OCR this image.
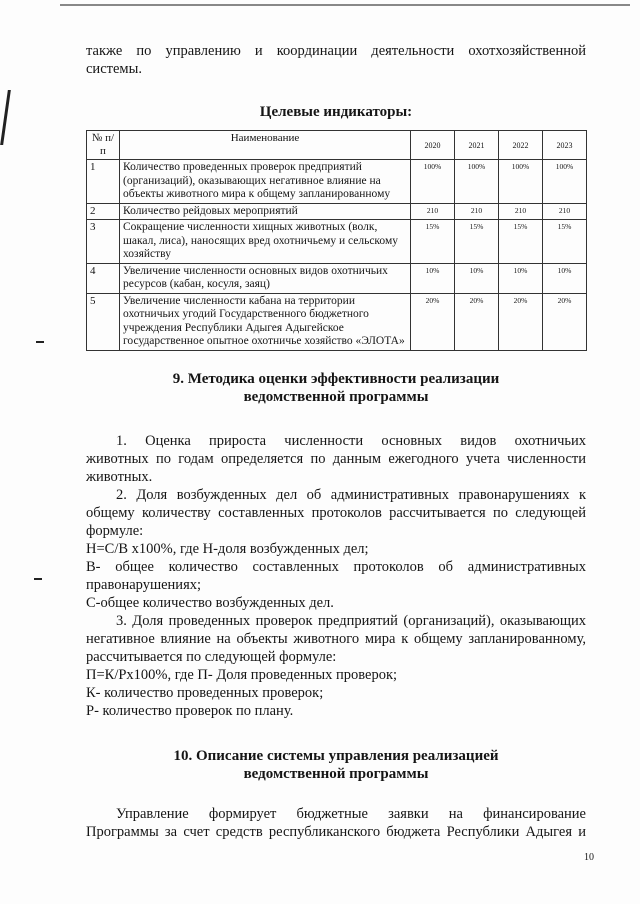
также по управлению и координации деятельности охотхозяйственной

системы.

Целевые индикаторы:
№ п/п	Наименование	2020	2021	2022	2023
1	Количество проведенных проверок предприятий (организаций), оказывающих негативное влияние на объекты животного мира к общему запланированному	100%	100%	100%	100%
2	Количество рейдовых мероприятий	210	210	210	210
3	Сокращение численности хищных животных (волк, шакал, лиса), наносящих вред охотничьему и сельскому хозяйству	15%	15%	15%	15%
4	Увеличение численности основных видов охотничьих ресурсов (кабан, косуля, заяц)	10%	10%	10%	10%
5	Увеличение численности кабана на территории охотничьих угодий Государственного бюджетного учреждения Республики Адыгея Адыгейское государственное опытное охотничье хозяйство «ЭЛОТА»	20%	20%	20%	20%
9. Методика оценки эффективности реализации
ведомственной программы

1. Оценка прироста численности основных видов охотничьих

животных по годам определяется по данным ежегодного учета численности животных.

2. Доля возбужденных дел об административных правонарушениях к общему количеству составленных протоколов рассчитывается по следующей формуле:

Н=С/В х100%, где Н-доля возбужденных дел;

В- общее количество составленных протоколов об административных правонарушениях;

С-общее количество возбужденных дел.

3. Доля проведенных проверок предприятий (организаций), оказывающих негативное влияние на объекты животного мира к общему запланированному, рассчитывается по следующей формуле:

П=К/Рх100%, где П- Доля проведенных проверок;

К- количество проведенных проверок;

Р- количество проверок по плану.

10. Описание системы управления реализацией
ведомственной программы

Управление формирует бюджетные заявки на финансирование

Программы за счет средств республиканского бюджета Республики Адыгея и

10
